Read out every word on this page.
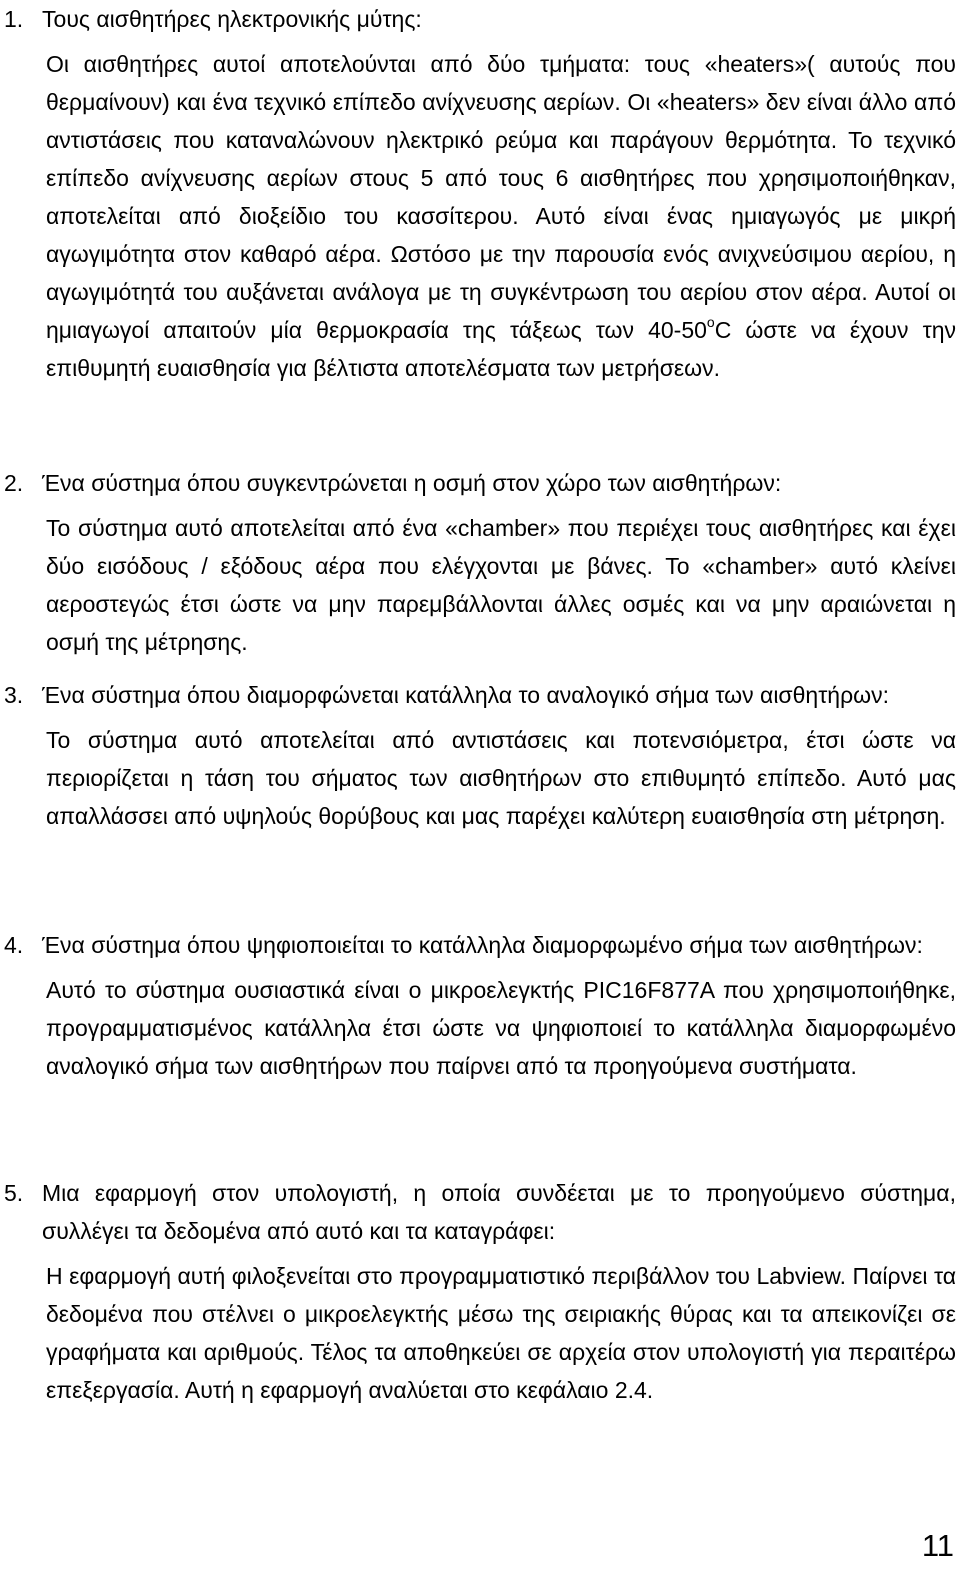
1. Τους αισθητήρες ηλεκτρονικής μύτης:

Οι αισθητήρες αυτοί αποτελούνται από δύο τμήματα: τους «heaters»( αυτούς που θερμαίνουν) και ένα τεχνικό επίπεδο ανίχνευσης αερίων. Οι «heaters» δεν είναι άλλο από αντιστάσεις που καταναλώνουν ηλεκτρικό ρεύμα και παράγουν θερμότητα. Το τεχνικό επίπεδο ανίχνευσης αερίων στους 5 από τους 6 αισθητήρες που χρησιμοποιήθηκαν, αποτελείται από διοξείδιο του κασσίτερου. Αυτό είναι ένας ημιαγωγός με μικρή αγωγιμότητα στον καθαρό αέρα. Ωστόσο με την παρουσία ενός ανιχνεύσιμου αερίου, η αγωγιμότητά του αυξάνεται ανάλογα με τη συγκέντρωση του αερίου στον αέρα. Αυτοί οι ημιαγωγοί απαιτούν μία θερμοκρασία της τάξεως των 40-50$^o$C ώστε να έχουν την επιθυμητή ευαισθησία για βέλτιστα αποτελέσματα των μετρήσεων.

2. Ένα σύστημα όπου συγκεντρώνεται η οσμή στον χώρο των αισθητήρων:

Το σύστημα αυτό αποτελείται από ένα «chamber» που περιέχει τους αισθητήρες και έχει δύο εισόδους / εξόδους αέρα που ελέγχονται με βάνες. Το «chamber» αυτό κλείνει αεροστεγώς έτσι ώστε να μην παρεμβάλλονται άλλες οσμές και να μην αραιώνεται η οσμή της μέτρησης.

3. Ένα σύστημα όπου διαμορφώνεται κατάλληλα το αναλογικό σήμα των αισθητήρων:

Το σύστημα αυτό αποτελείται από αντιστάσεις και ποτενσιόμετρα, έτσι ώστε να περιορίζεται η τάση του σήματος των αισθητήρων στο επιθυμητό επίπεδο. Αυτό μας απαλλάσσει από υψηλούς θορύβους και μας παρέχει καλύτερη ευαισθησία στη μέτρηση.

4. Ένα σύστημα όπου ψηφιοποιείται το κατάλληλα διαμορφωμένο σήμα των αισθητήρων:

Αυτό το σύστημα ουσιαστικά είναι ο μικροελεγκτής PIC16F877A που χρησιμοποιήθηκε, προγραμματισμένος κατάλληλα έτσι ώστε να ψηφιοποιεί το κατάλληλα διαμορφωμένο αναλογικό σήμα των αισθητήρων που παίρνει από τα προηγούμενα συστήματα.

5. Μια εφαρμογή στον υπολογιστή, η οποία συνδέεται με το προηγούμενο σύστημα, συλλέγει τα δεδομένα από αυτό και τα καταγράφει:

Η εφαρμογή αυτή φιλοξενείται στο προγραμματιστικό περιβάλλον του Labview. Παίρνει τα δεδομένα που στέλνει ο μικροελεγκτής μέσω της σειριακής θύρας και τα απεικονίζει σε γραφήματα και αριθμούς. Τέλος τα αποθηκεύει σε αρχεία στον υπολογιστή για περαιτέρω επεξεργασία. Αυτή η εφαρμογή αναλύεται στο κεφάλαιο 2.4.

11
